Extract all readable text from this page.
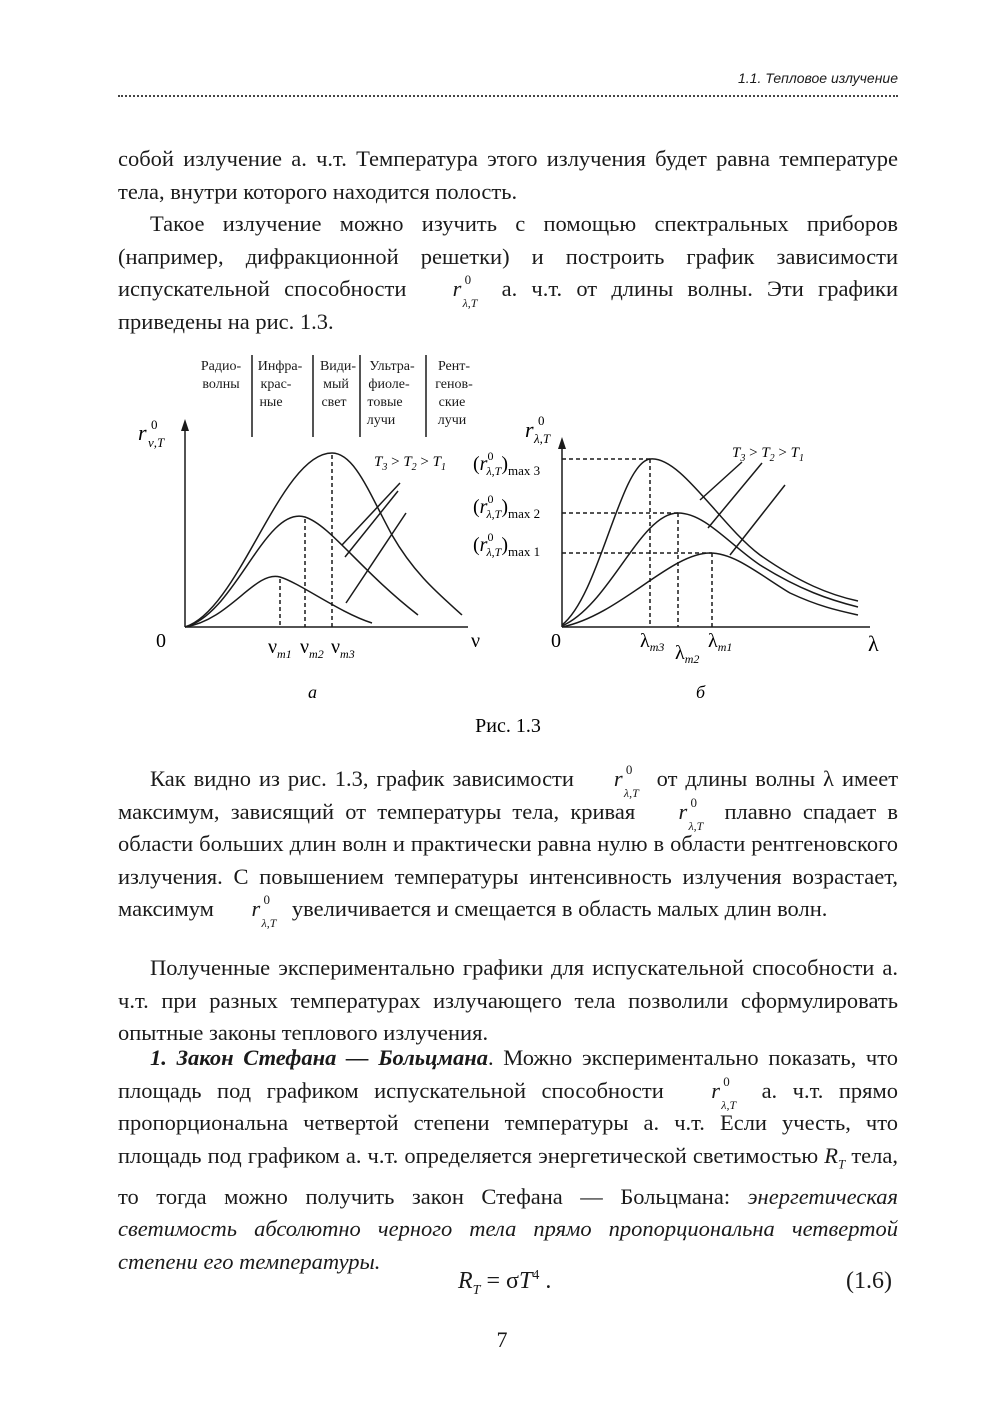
1.1. Тепловое излучение

собой излучение а. ч.т. Температура этого излучения будет равна температуре тела, внутри которого находится полость.

Такое излучение можно изучить с помощью спектральных приборов (например, дифракционной решетки) и построить график зависимости испускательной способности r 0
λ,T
а. ч.т. от длины волны. Эти графики приведены на рис. 1.3.

Радио-
волны
Инфра-
крас-
ные
Види-
мый
свет
Ультра-
фиоле-
товые
лучи
Рент-
генов-
ские
лучи
r 0
ν,T
0	ν
$T_3 > T_2 > T_1$
$\nu_{m1}$ $\nu_{m2}$ $\nu_{m3}$
а
r 0
λ,T
0	λ
$T_3 > T_2 > T_1$
($r^0$ $\lambda,T)_{max 3}$
($r^0$ $\lambda,T)_{max 2}$
($r^0$ $\lambda,T)_{max 1}$
$\lambda_{m3}$ $\lambda_{m2}$
$\lambda_{m1}$
б
Рис. 1.3

Как видно из рис. 1.3, график зависимости r 0
λ,T
от длины волны λ имеет максимум, зависящий от температуры тела, кривая r 0
λ,T
плавно спадает в области больших длин волн и практически равна нулю в области рентгеновского излучения. С повышением температуры интенсивность излучения возрастает, максимум r 0
λ,T
увеличивается и смещается в область малых длин волн.

Полученные экспериментально графики для испускательной способности а. ч.т. при разных температурах излучающего тела позволили сформулировать опытные законы теплового излучения.

1. Закон Стефана — Больцмана. Можно экспериментально показать, что площадь под графиком испускательной способности r 0
λ,T
а. ч.т. прямо пропорциональна четвертой степени температуры а. ч.т. Если учесть, что площадь под графиком а. ч.т. определяется энергетической светимостью $R_T$ тела, то тогда можно получить закон Стефана — Больцмана: энергетическая светимость абсолютно черного тела прямо пропорциональна четвертой степени его температуры.

$R_T = \sigma T^4$ .	(1.6)
7
